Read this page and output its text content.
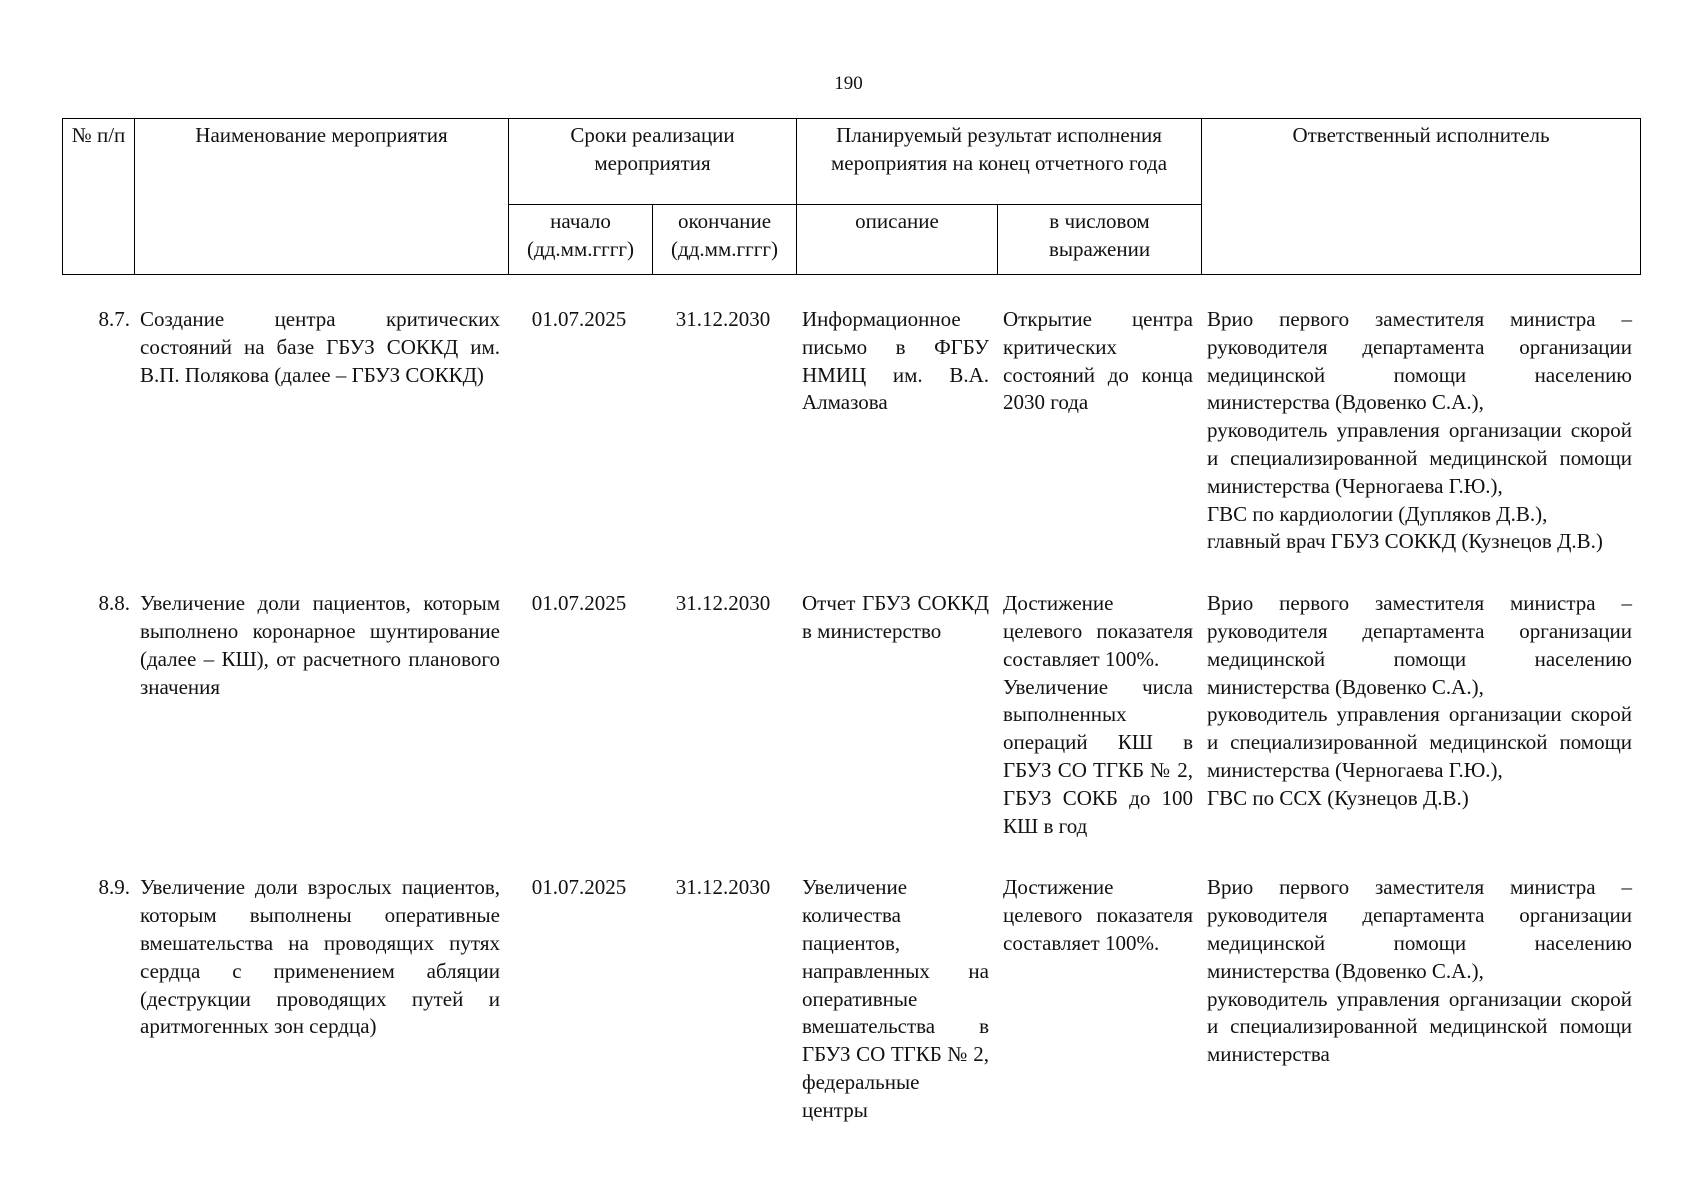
190
№ п/п	Наименование мероприятия	Сроки реализации мероприятия		Планируемый результат исполнения мероприятия на конец отчетного года		Ответственный исполнитель
		начало (дд.мм.гггг)	окончание (дд.мм.гггг)	описание	в числовом выражении	
8.7.	Создание центра критических состояний на базе ГБУЗ СОККД им. В.П. Полякова (далее – ГБУЗ СОККД)	01.07.2025	31.12.2030	Информационное письмо в ФГБУ НМИЦ им. В.А. Алмазова	Открытие центра критических состояний до конца 2030 года	Врио первого заместителя министра – руководителя департамента организации медицинской помощи населению министерства (Вдовенко С.А.),
руководитель управления организации скорой и специализированной медицинской помощи министерства (Черногаева Г.Ю.),
ГВС по кардиологии (Дупляков Д.В.),
главный врач ГБУЗ СОККД (Кузнецов Д.В.)

8.8.	Увеличение доли пациентов, которым выполнено коронарное шунтирование (далее – КШ), от расчетного планового значения	01.07.2025	31.12.2030	Отчет ГБУЗ СОККД в министерство	Достижение целевого показателя составляет 100%.
Увеличение числа выполненных операций КШ в ГБУЗ СО ТГКБ № 2, ГБУЗ СОКБ до 100 КШ в год	Врио первого заместителя министра – руководителя департамента организации медицинской помощи населению министерства (Вдовенко С.А.),
руководитель управления организации скорой и специализированной медицинской помощи министерства (Черногаева Г.Ю.),
ГВС по ССХ (Кузнецов Д.В.)

8.9.	Увеличение доли взрослых пациентов, которым выполнены оперативные вмешательства на проводящих путях сердца с применением абляции (деструкции проводящих путей и аритмогенных зон сердца)	01.07.2025	31.12.2030	Увеличение количества пациентов, направленных на оперативные вмешательства в ГБУЗ СО ТГКБ № 2, федеральные центры	Достижение целевого показателя составляет 100%.	Врио первого заместителя министра – руководителя департамента организации медицинской помощи населению министерства (Вдовенко С.А.),
руководитель управления организации скорой и специализированной медицинской помощи министерства
